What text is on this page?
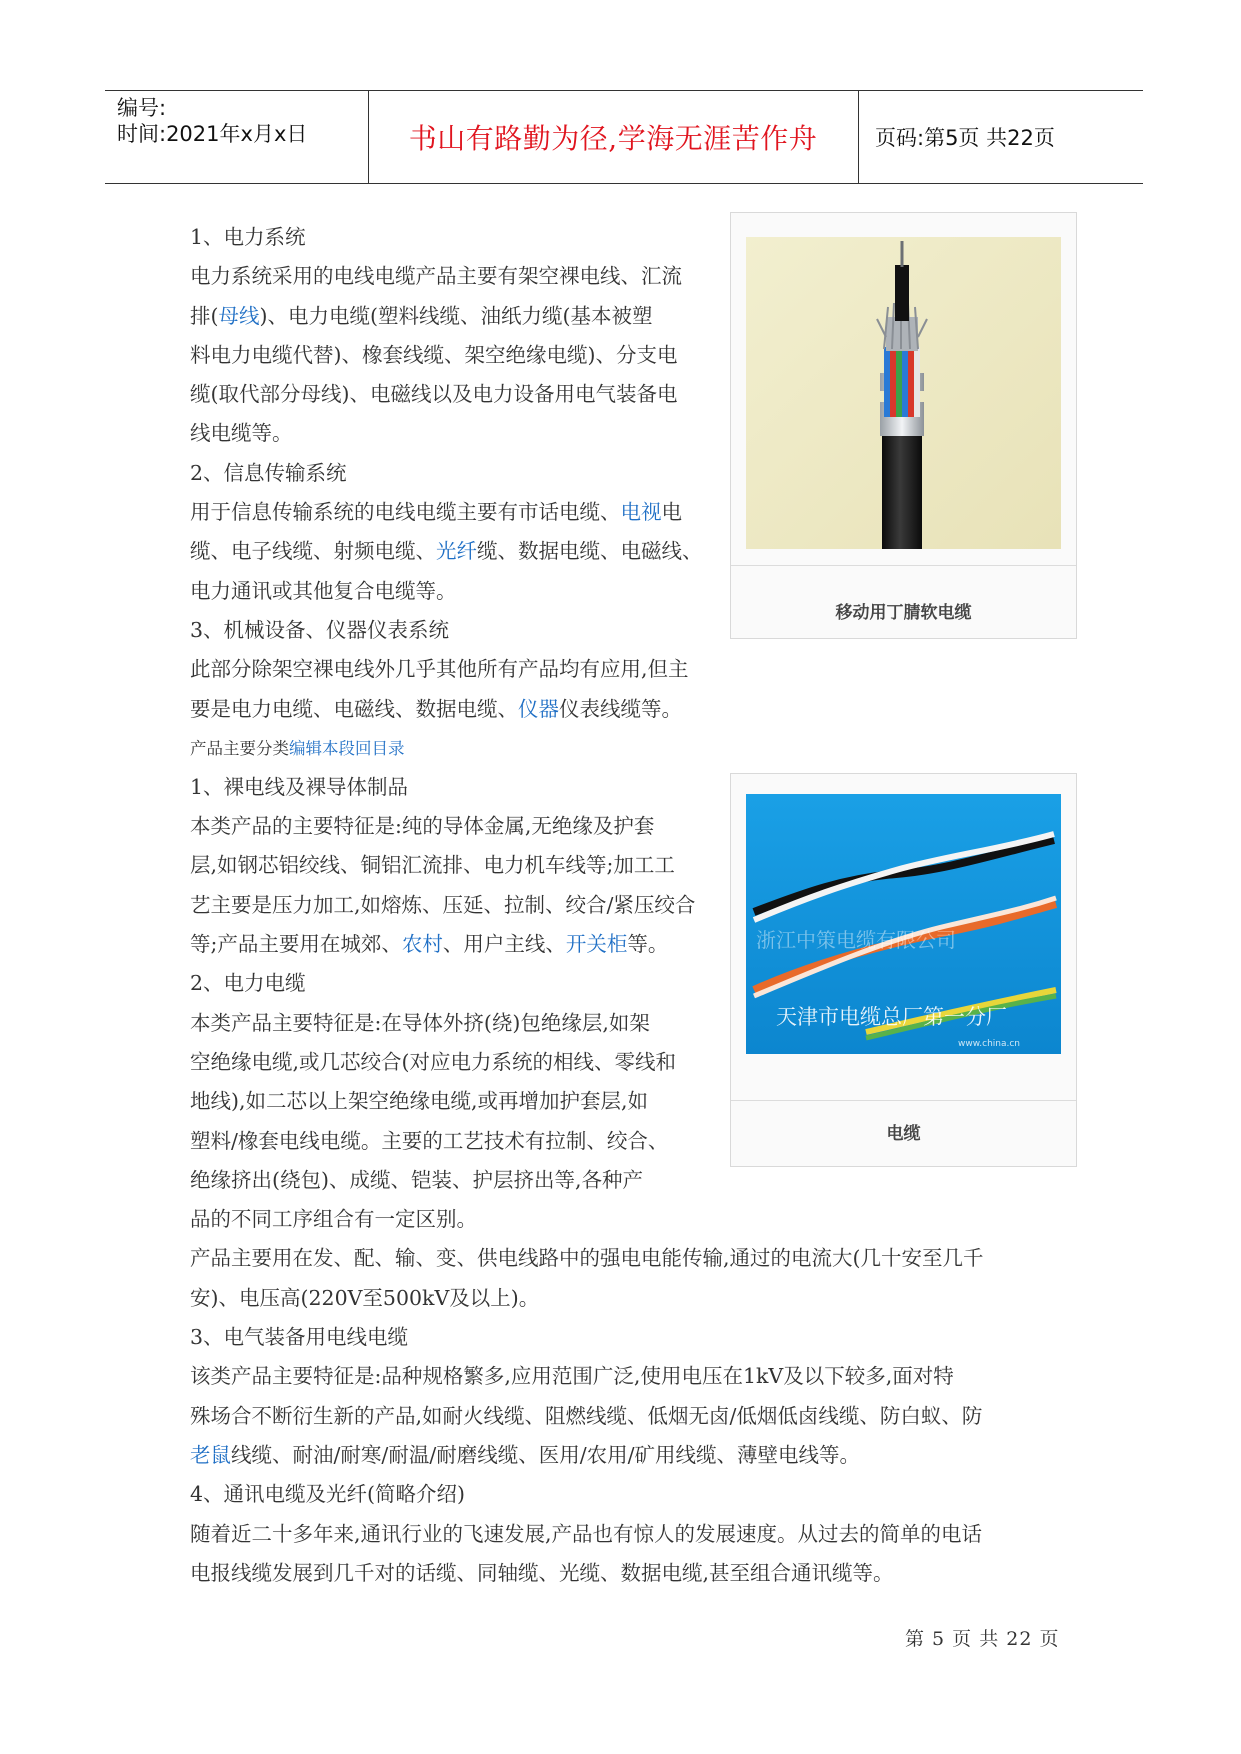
编号:
时间:2021年x月x日	书山有路勤为径,学海无涯苦作舟	页码:第5页 共22页

1、电力系统

电力系统采用的电线电缆产品主要有架空裸电线、汇流
排(母线)、电力电缆(塑料线缆、油纸力缆(基本被塑
料电力电缆代替)、橡套线缆、架空绝缘电缆)、分支电
缆(取代部分母线)、电磁线以及电力设备用电气装备电
线电缆等。

2、信息传输系统

用于信息传输系统的电线电缆主要有市话电缆、电视电
缆、电子线缆、射频电缆、光纤缆、数据电缆、电磁线、
电力通讯或其他复合电缆等。

3、机械设备、仪器仪表系统

此部分除架空裸电线外几乎其他所有产品均有应用,但主
要是电力电缆、电磁线、数据电缆、仪器仪表线缆等。
产品主要分类编辑本段回目录

1、裸电线及裸导体制品

本类产品的主要特征是:纯的导体金属,无绝缘及护套
层,如钢芯铝绞线、铜铝汇流排、电力机车线等;加工工
艺主要是压力加工,如熔炼、压延、拉制、绞合/紧压绞合
等;产品主要用在城郊、农村、用户主线、开关柜等。

2、电力电缆

本类产品主要特征是:在导体外挤(绕)包绝缘层,如架
空绝缘电缆,或几芯绞合(对应电力系统的相线、零线和
地线),如二芯以上架空绝缘电缆,或再增加护套层,如
塑料/橡套电线电缆。主要的工艺技术有拉制、绞合、
绝缘挤出(绕包)、成缆、铠装、护层挤出等,各种产
品的不同工序组合有一定区别。
产品主要用在发、配、输、变、供电线路中的强电电能传输,通过的电流大(几十安至几千
安)、电压高(220V至500kV及以上)。

3、电气装备用电线电缆

该类产品主要特征是:品种规格繁多,应用范围广泛,使用电压在1kV及以下较多,面对特
殊场合不断衍生新的产品,如耐火线缆、阻燃线缆、低烟无卤/低烟低卤线缆、防白蚁、防
老鼠线缆、耐油/耐寒/耐温/耐磨线缆、医用/农用/矿用线缆、薄壁电线等。

4、通讯电缆及光纤(简略介绍)

随着近二十多年来,通讯行业的飞速发展,产品也有惊人的发展速度。从过去的简单的电话
电报线缆发展到几千对的话缆、同轴缆、光缆、数据电缆,甚至组合通讯缆等。
移动用丁腈软电缆
浙江中策电缆有限公司
天津市电缆总厂第一分厂
www.china.cn
电缆
第 5 页 共 22 页
